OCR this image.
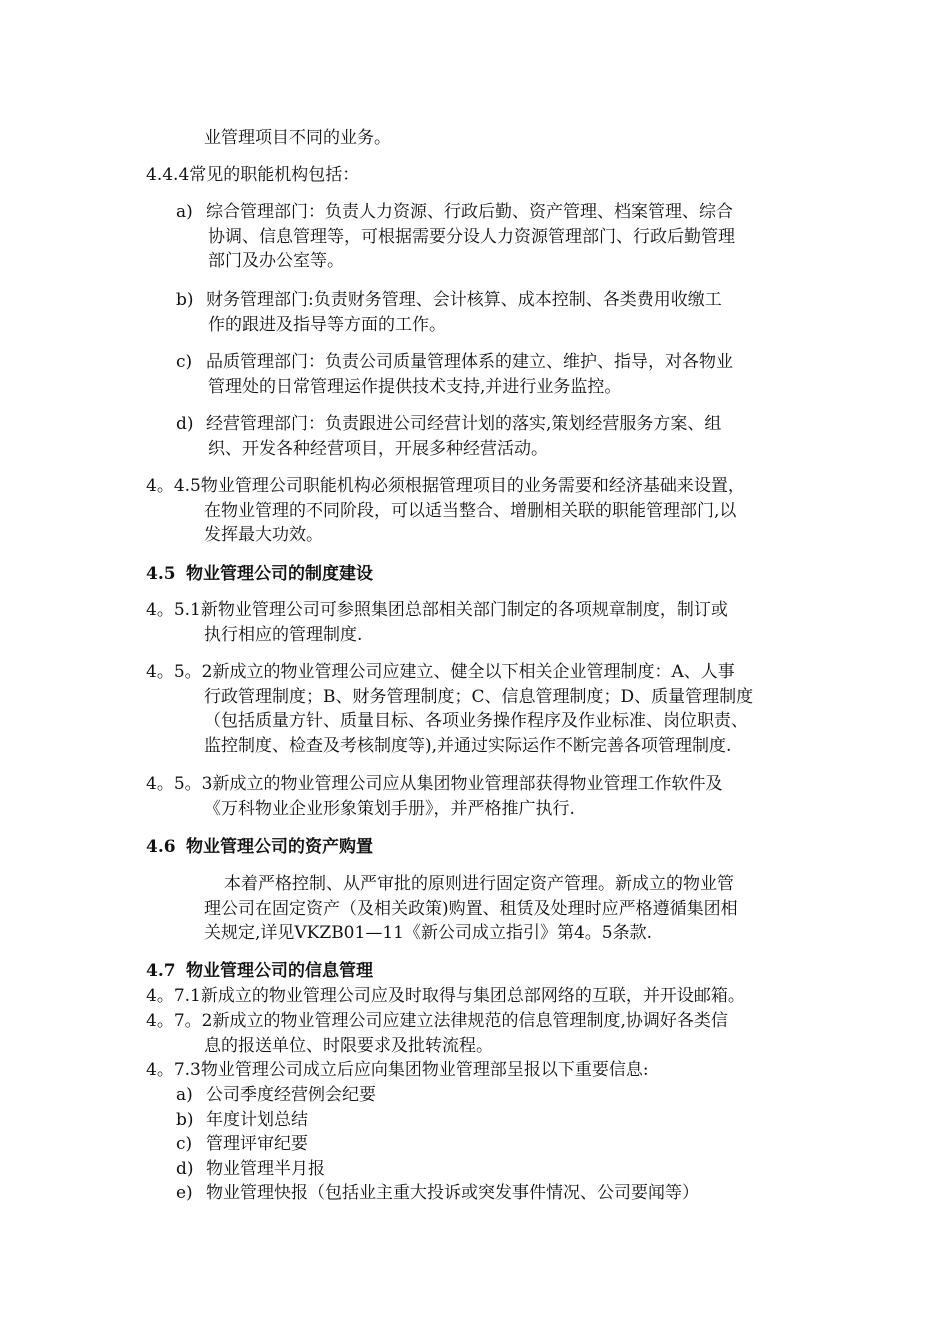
业管理项目不同的业务。
4.4.4常见的职能机构包括：
a) 综合管理部门：负责人力资源、行政后勤、资产管理、档案管理、综合
协调、信息管理等，可根据需要分设人力资源管理部门、行政后勤管理
部门及办公室等。
b) 财务管理部门:负责财务管理、会计核算、成本控制、各类费用收缴工
作的跟进及指导等方面的工作。
c) 品质管理部门：负责公司质量管理体系的建立、维护、指导，对各物业
管理处的日常管理运作提供技术支持,并进行业务监控。
d) 经营管理部门：负责跟进公司经营计划的落实,策划经营服务方案、组
织、开发各种经营项目，开展多种经营活动。
4。4.5物业管理公司职能机构必须根据管理项目的业务需要和经济基础来设置，
在物业管理的不同阶段，可以适当整合、增删相关联的职能管理部门,以
发挥最大功效。
4.5 物业管理公司的制度建设
4。5.1新物业管理公司可参照集团总部相关部门制定的各项规章制度，制订或
执行相应的管理制度.
4。5。2新成立的物业管理公司应建立、健全以下相关企业管理制度：A、人事
行政管理制度；B、财务管理制度；C、信息管理制度；D、质量管理制度
（包括质量方针、质量目标、各项业务操作程序及作业标准、岗位职责、
监控制度、检查及考核制度等),并通过实际运作不断完善各项管理制度.
4。5。3新成立的物业管理公司应从集团物业管理部获得物业管理工作软件及
《万科物业企业形象策划手册》，并严格推广执行.
4.6 物业管理公司的资产购置
本着严格控制、从严审批的原则进行固定资产管理。新成立的物业管
理公司在固定资产（及相关政策)购置、租赁及处理时应严格遵循集团相
关规定,详见VKZB01—11《新公司成立指引》第4。5条款.
4.7 物业管理公司的信息管理
4。7.1新成立的物业管理公司应及时取得与集团总部网络的互联，并开设邮箱。
4。7。2新成立的物业管理公司应建立法律规范的信息管理制度,协调好各类信
息的报送单位、时限要求及批转流程。
4。7.3物业管理公司成立后应向集团物业管理部呈报以下重要信息:
a) 公司季度经营例会纪要
b) 年度计划总结
c) 管理评审纪要
d) 物业管理半月报
e) 物业管理快报（包括业主重大投诉或突发事件情况、公司要闻等）
